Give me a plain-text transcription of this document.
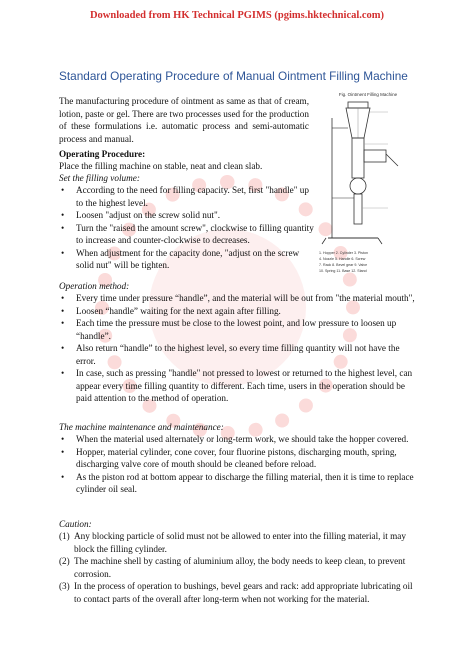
Downloaded from HK Technical PGIMS (pgims.hktechnical.com)
Standard Operating Procedure of Manual Ointment Filling Machine
The manufacturing procedure of ointment as same as that of cream, lotion, paste or gel. There are two processes used for the production of these formulations i.e. automatic process and semi-automatic process and manual.
Operating Procedure:
Place the filling machine on stable, neat and clean slab.
Set the filling volume:
• According to the need for filling capacity. Set, first "handle" up to the highest level.
• Loosen "adjust on the screw solid nut".
• Turn the "raised the amount screw", clockwise to filling quantity to increase and counter-clockwise to decreases.
• When adjustment for the capacity done, "adjust on the screw solid nut" will be tighten.
Fig. Ointment Filling Machine
1. Hopper 2. Cylinder 3. Piston
4. Nozzle 5. Handle 6. Screw
7. Rack 8. Bevel gear 9. Valve
10. Spring 11. Base 12. Stand
Operation method:
• Every time under pressure “handle”, and the material will be out from "the material mouth",
• Loosen “handle” waiting for the next again after filling.
• Each time the pressure must be close to the lowest point, and low pressure to loosen up “handle”.
• Also return “handle” to the highest level, so every time filling quantity will not have the error.
• In case, such as pressing "handle" not pressed to lowest or returned to the highest level, can appear every time filling quantity to different. Each time, users in the operation should be paid attention to the method of operation.
The machine maintenance and maintenance:
• When the material used alternately or long-term work, we should take the hopper covered.
• Hopper, material cylinder, cone cover, four fluorine pistons, discharging mouth, spring, discharging valve core of mouth should be cleaned before reload.
• As the piston rod at bottom appear to discharge the filling material, then it is time to replace cylinder oil seal.
Caution:
(1) Any blocking particle of solid must not be allowed to enter into the filling material, it may block the filling cylinder.
(2) The machine shell by casting of aluminium alloy, the body needs to keep clean, to prevent corrosion.
(3) In the process of operation to bushings, bevel gears and rack: add appropriate lubricating oil to contact parts of the overall after long-term when not working for the material.
